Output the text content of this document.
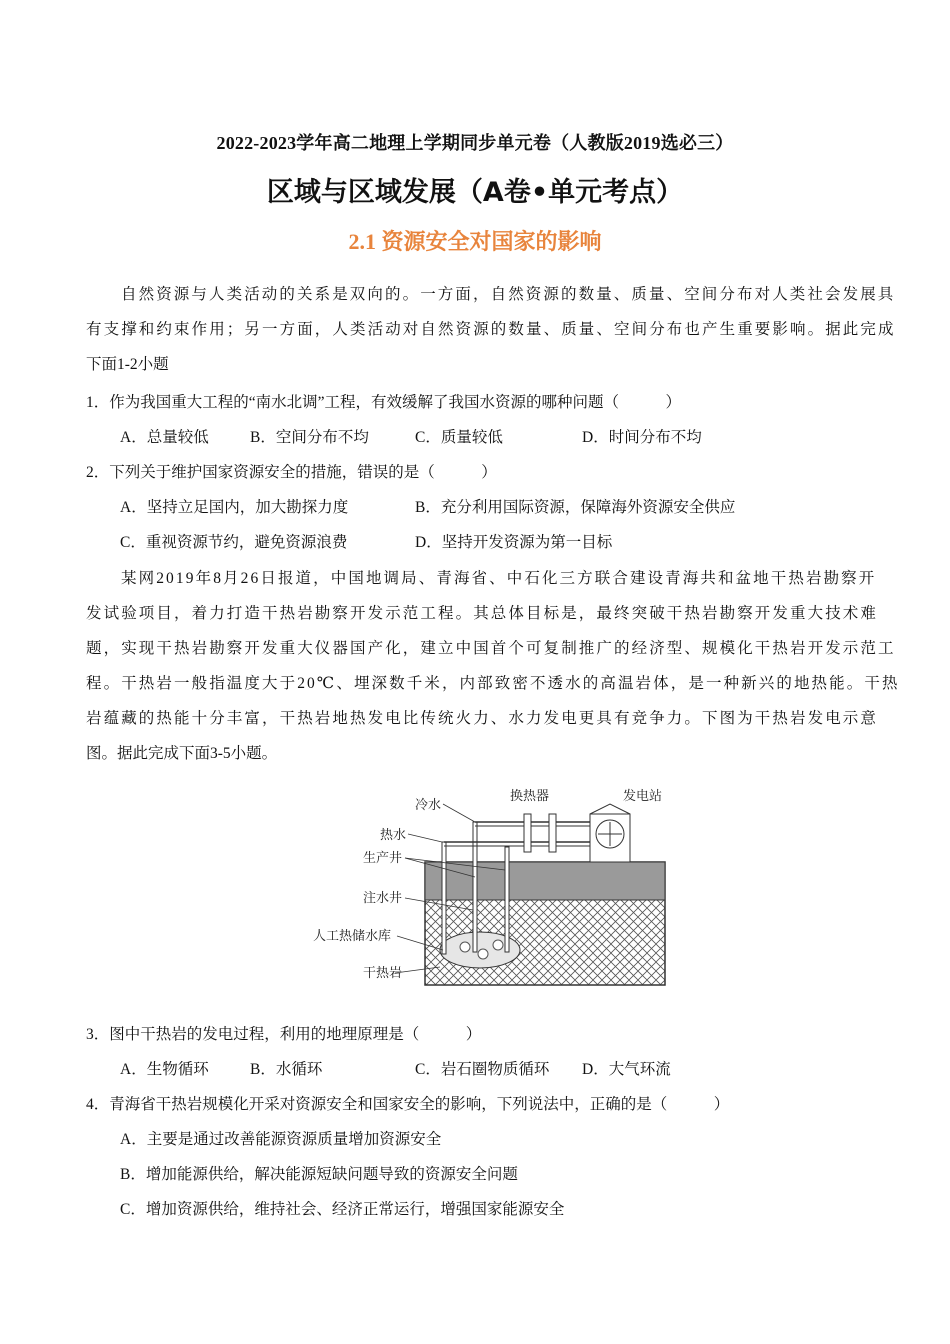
2022-2023学年高二地理上学期同步单元卷（人教版2019选必三）
区域与区域发展（A卷•单元考点）
2.1 资源安全对国家的影响
自然资源与人类活动的关系是双向的。一方面，自然资源的数量、质量、空间分布对人类社会发展具
有支撑和约束作用；另一方面，人类活动对自然资源的数量、质量、空间分布也产生重要影响。据此完成
下面1-2小题
1．作为我国重大工程的“南水北调”工程，有效缓解了我国水资源的哪种问题（　　　）
A．总量较低	B．空间分布不均	C．质量较低	D．时间分布不均
2．下列关于维护国家资源安全的措施，错误的是（　　　）
A．坚持立足国内，加大勘探力度	B．充分利用国际资源，保障海外资源安全供应
C．重视资源节约，避免资源浪费	D．坚持开发资源为第一目标
某网2019年8月26日报道，中国地调局、青海省、中石化三方联合建设青海共和盆地干热岩勘察开
发试验项目，着力打造干热岩勘察开发示范工程。其总体目标是，最终突破干热岩勘察开发重大技术难
题，实现干热岩勘察开发重大仪器国产化，建立中国首个可复制推广的经济型、规模化干热岩开发示范工
程。干热岩一般指温度大于20℃、埋深数千米，内部致密不透水的高温岩体，是一种新兴的地热能。干热
岩蕴藏的热能十分丰富，干热岩地热发电比传统火力、水力发电更具有竞争力。下图为干热岩发电示意
图。据此完成下面3-5小题。
冷水
换热器	发电站
热水
生产井
注水井
人工热储水库
干热岩
3．图中干热岩的发电过程，利用的地理原理是（　　　）
A．生物循环	B．水循环	C．岩石圈物质循环 D．大气环流
4．青海省干热岩规模化开采对资源安全和国家安全的影响，下列说法中，正确的是（　　　）
A．主要是通过改善能源资源质量增加资源安全
B．增加能源供给，解决能源短缺问题导致的资源安全问题
C．增加资源供给，维持社会、经济正常运行，增强国家能源安全
